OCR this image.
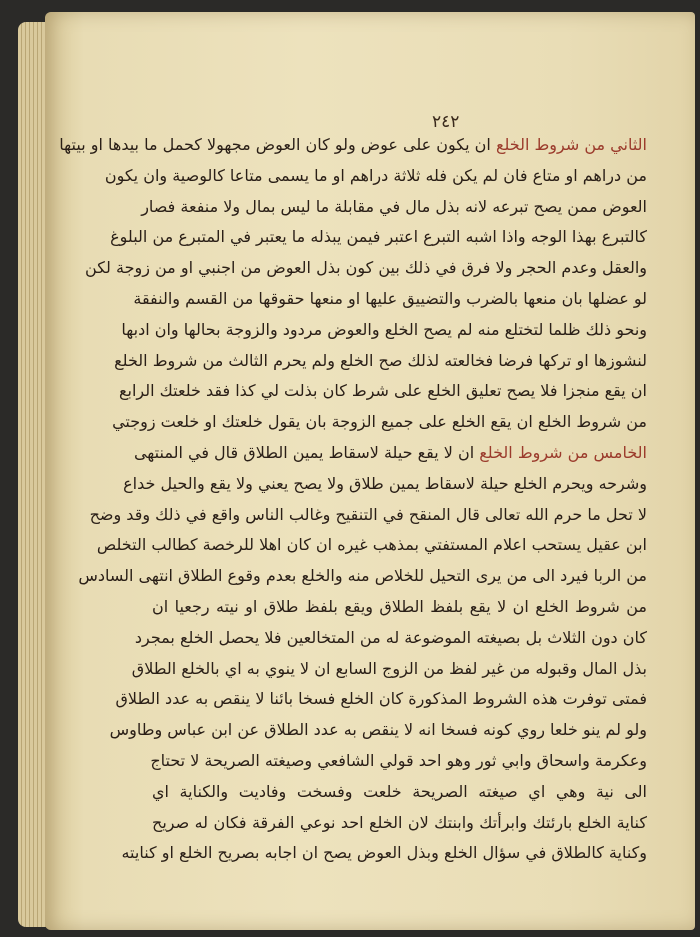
٢٤٢
الثاني من شروط الخلع ان يكون على عوض ولو كان العوض مجهولا كحمل ما بيدها او بيتها
من دراهم او متاع فان لم يكن فله ثلاثة دراهم او ما يسمى متاعا كالوصية وان يكون
العوض ممن يصح تبرعه لانه بذل مال في مقابلة ما ليس بمال ولا منفعة فصار
كالتبرع بهذا الوجه واذا اشبه التبرع اعتبر فيمن يبذله ما يعتبر في المتبرع من البلوغ
والعقل وعدم الحجر ولا فرق في ذلك بين كون بذل العوض من اجنبي او من زوجة لكن
لو عضلها بان منعها بالضرب والتضييق عليها او منعها حقوقها من القسم والنفقة
ونحو ذلك ظلما لتختلع منه لم يصح الخلع والعوض مردود والزوجة بحالها وان ادبها
لنشوزها او تركها فرضا فخالعته لذلك صح الخلع ولم يحرم الثالث من شروط الخلع
ان يقع منجزا فلا يصح تعليق الخلع على شرط كان بذلت لي كذا فقد خلعتك الرابع
من شروط الخلع ان يقع الخلع على جميع الزوجة بان يقول خلعتك او خلعت زوجتي
الخامس من شروط الخلع ان لا يقع حيلة لاسقاط يمين الطلاق قال في المنتهى
وشرحه ويحرم الخلع حيلة لاسقاط يمين طلاق ولا يصح يعني ولا يقع والحيل خداع
لا تحل ما حرم الله تعالى قال المنقح في التنقيح وغالب الناس واقع في ذلك وقد وضح
ابن عقيل يستحب اعلام المستفتي بمذهب غيره ان كان اهلا للرخصة كطالب التخلص
من الربا فيرد الى من يرى التحيل للخلاص منه والخلع بعدم وقوع الطلاق انتهى السادس
من شروط الخلع ان لا يقع بلفظ الطلاق ويقع بلفظ طلاق او نيته رجعيا ان
كان دون الثلاث بل بصيغته الموضوعة له من المتخالعين فلا يحصل الخلع بمجرد
بذل المال وقبوله من غير لفظ من الزوج السابع ان لا ينوي به اي بالخلع الطلاق
فمتى توفرت هذه الشروط المذكورة كان الخلع فسخا بائنا لا ينقص به عدد الطلاق
ولو لم ينو خلعا روي كونه فسخا انه لا ينقص به عدد الطلاق عن ابن عباس وطاوس
وعكرمة واسحاق وابي ثور وهو احد قولي الشافعي وصيغته الصريحة لا تحتاج
الى نية وهي اي صيغته الصريحة خلعت وفسخت وفاديت والكناية اي
كناية الخلع بارئتك وابرأتك وابنتك لان الخلع احد نوعي الفرقة فكان له صريح
وكناية كالطلاق في سؤال الخلع وبذل العوض يصح ان اجابه بصريح الخلع او كنايته
